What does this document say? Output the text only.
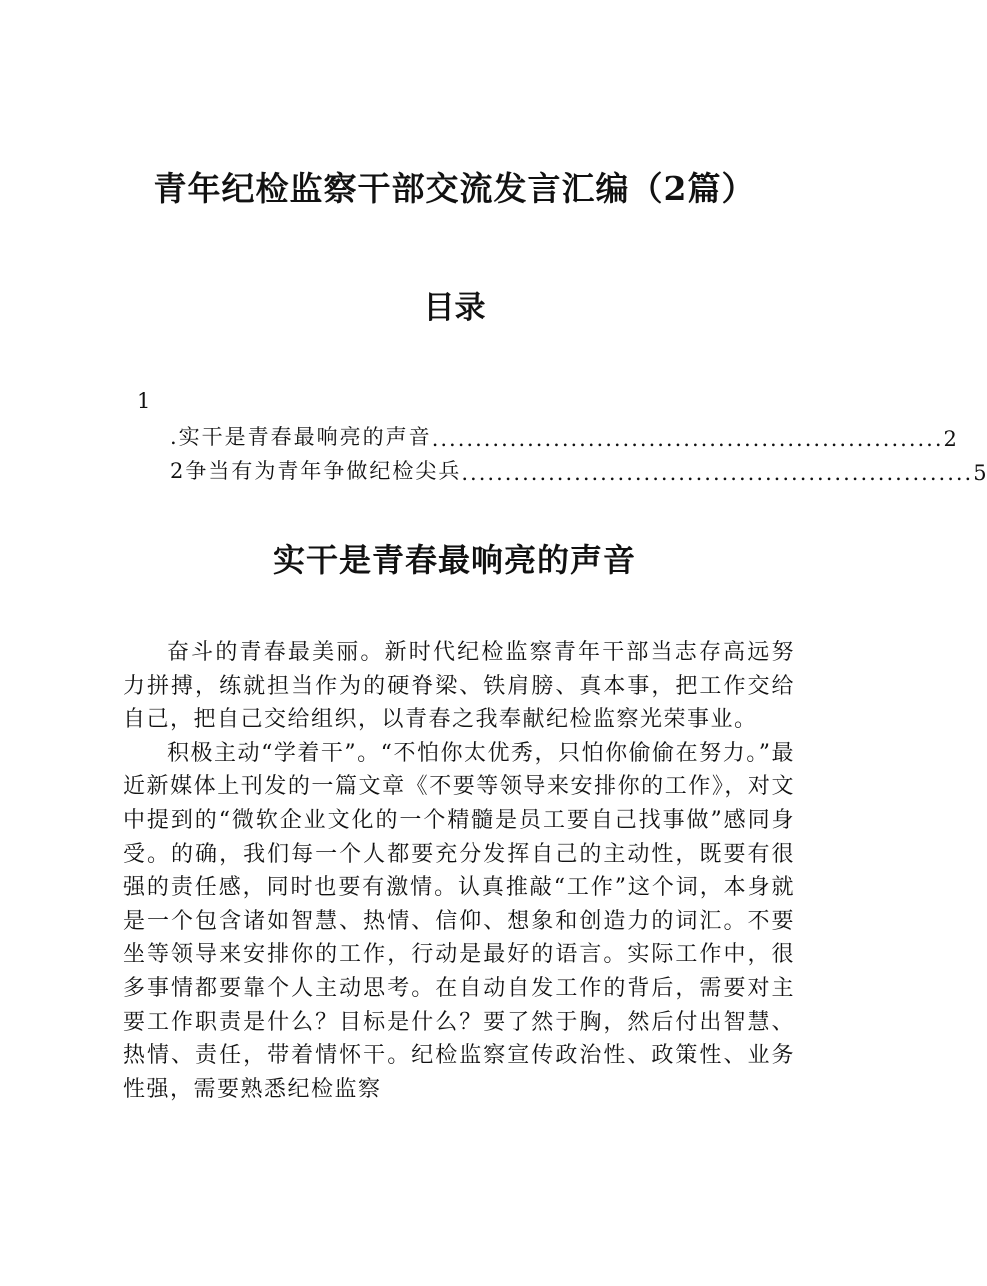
青年纪检监察干部交流发言汇编（2篇）
目录
1
.实干是青春最响亮的声音 ........................................................... 2
2争当有为青年争做纪检尖兵 ........................................................... 5
实干是青春最响亮的声音

奋斗的青春最美丽。新时代纪检监察青年干部当志存高远努力拼搏，练就担当作为的硬脊梁、铁肩膀、真本事，把工作交给自己，把自己交给组织，以青春之我奉献纪检监察光荣事业。

积极主动“学着干”。“不怕你太优秀，只怕你偷偷在努力。”最近新媒体上刊发的一篇文章《不要等领导来安排你的工作》，对文中提到的“微软企业文化的一个精髓是员工要自己找事做”感同身受。的确，我们每一个人都要充分发挥自己的主动性，既要有很强的责任感，同时也要有激情。认真推敲“工作”这个词，本身就是一个包含诸如智慧、热情、信仰、想象和创造力的词汇。不要坐等领导来安排你的工作，行动是最好的语言。实际工作中，很多事情都要靠个人主动思考。在自动自发工作的背后，需要对主要工作职责是什么？目标是什么？要了然于胸，然后付出智慧、热情、责任，带着情怀干。纪检监察宣传政治性、政策性、业务性强，需要熟悉纪检监察
